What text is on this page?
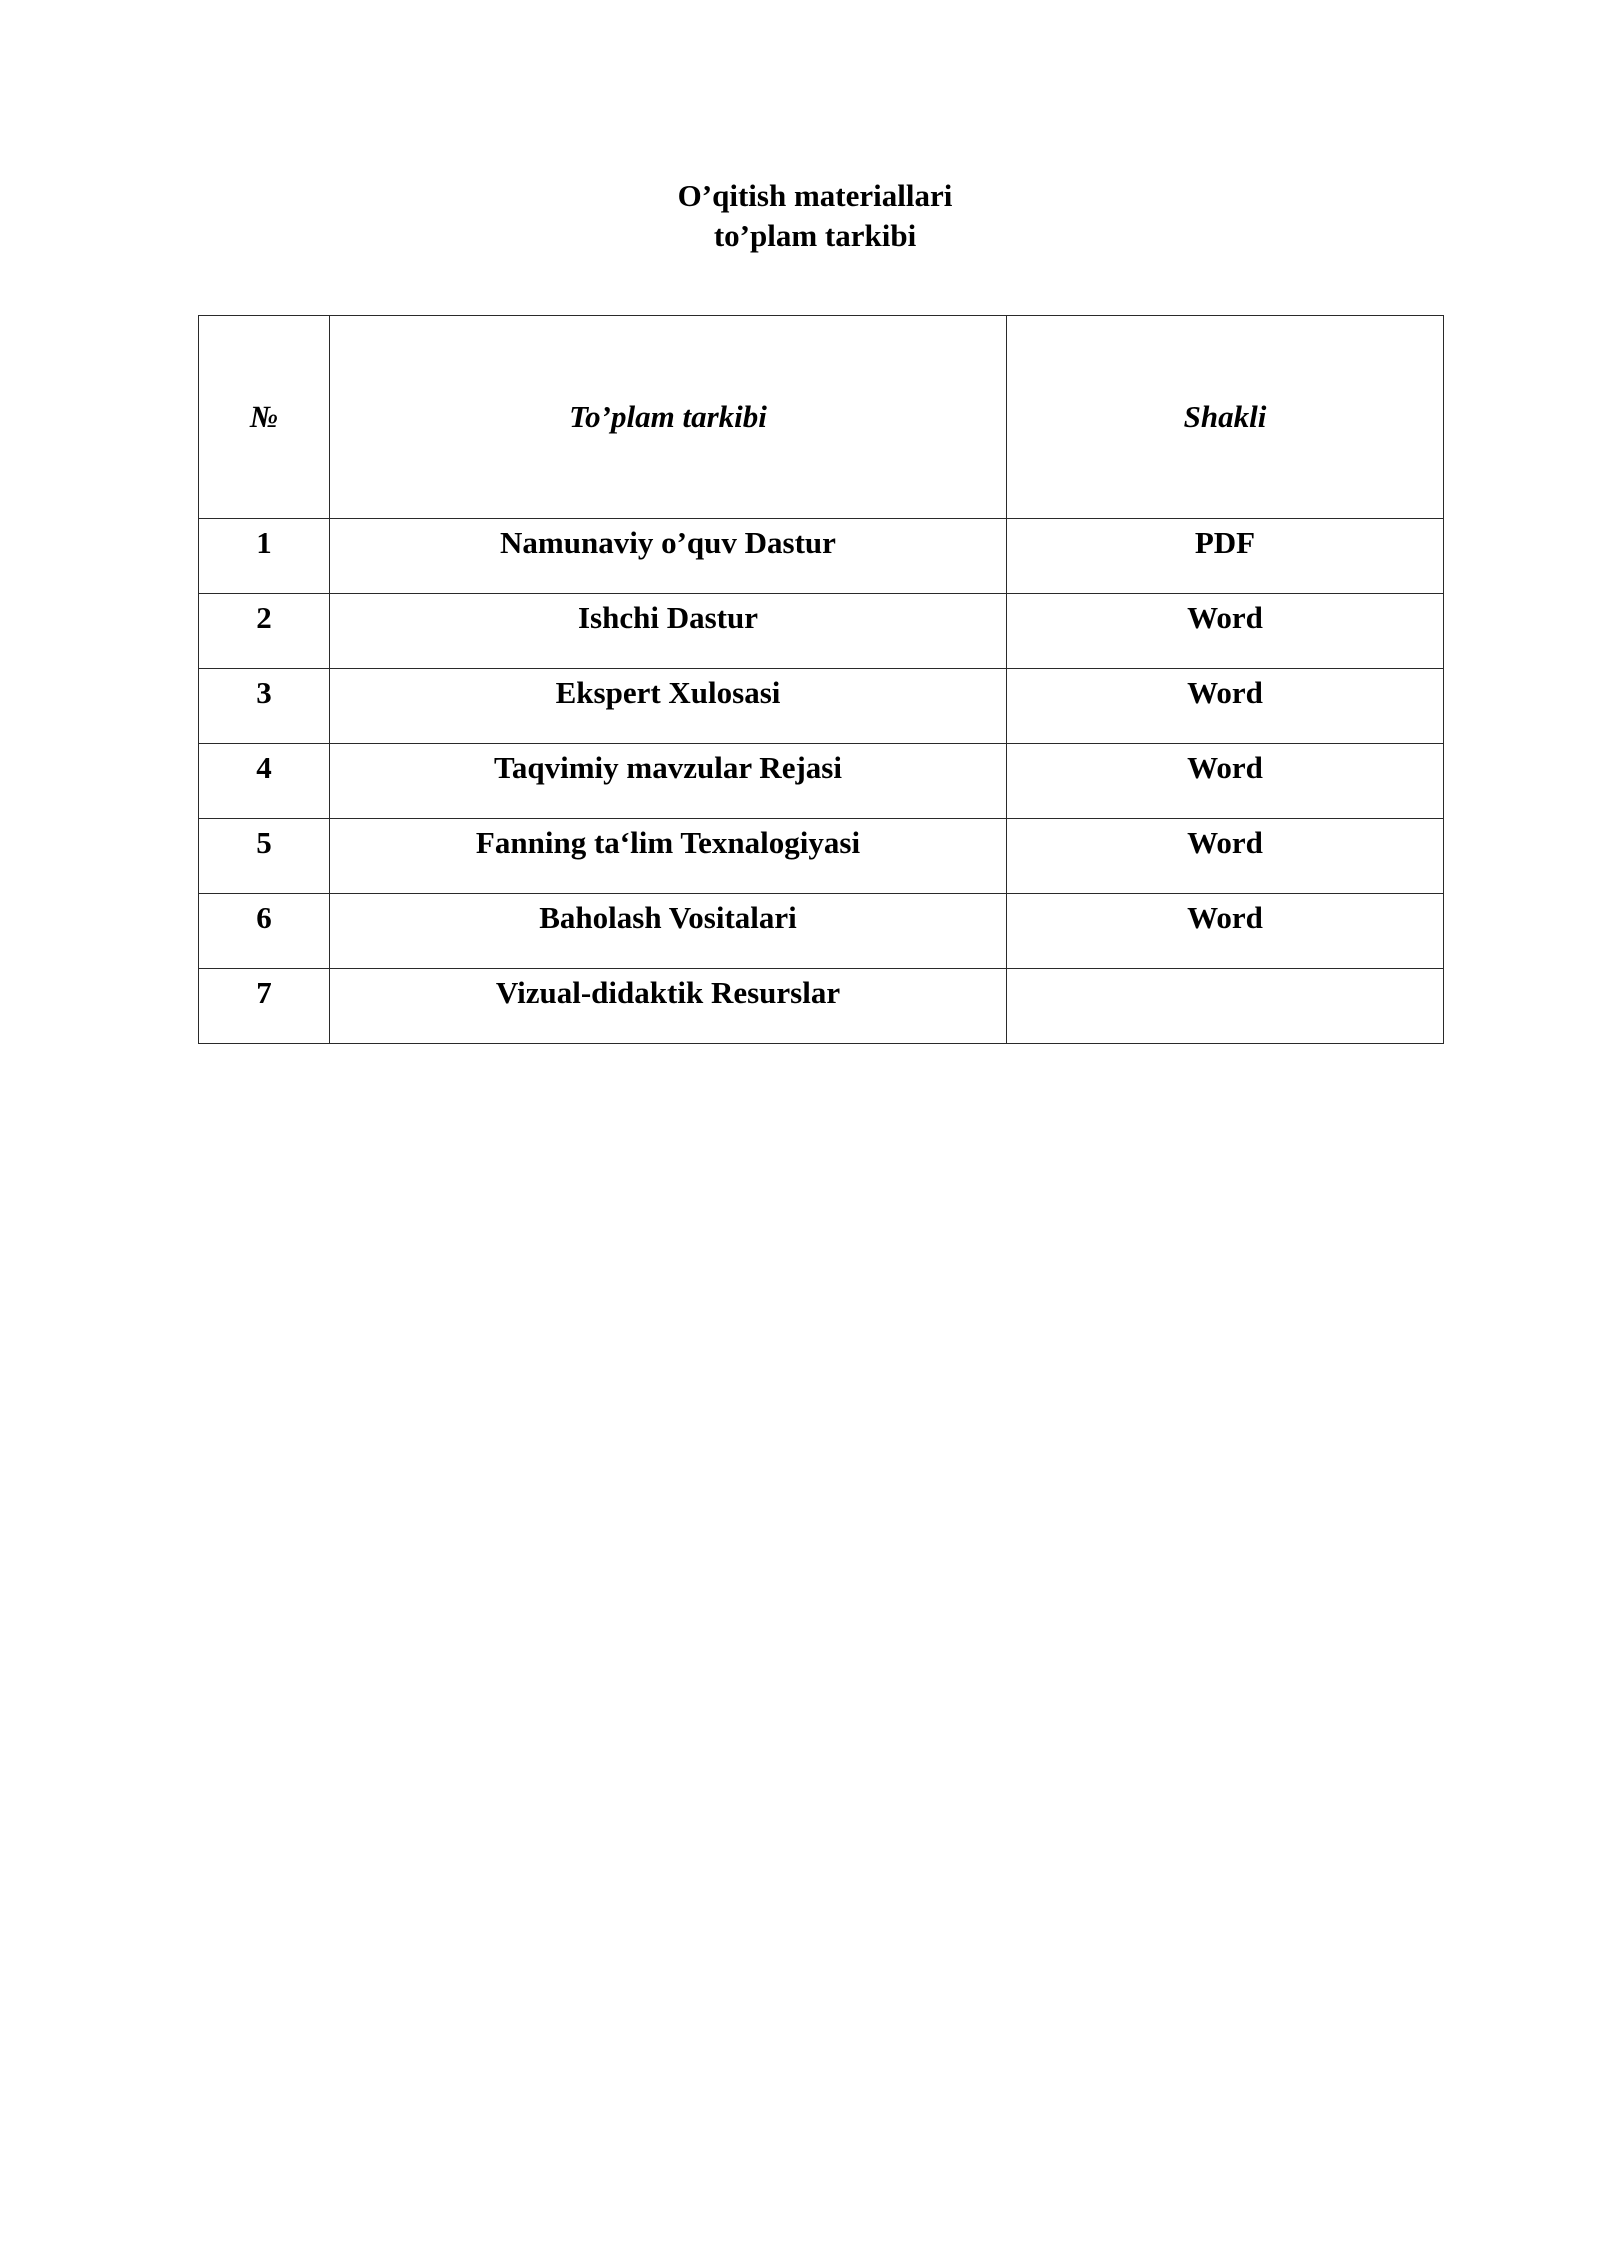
O’qitish materiallari
to’plam tarkibi
№	To’plam tarkibi	Shakli
1	Namunaviy o’quv Dastur	PDF
2	Ishchi Dastur	Word
3	Ekspert Xulosasi	Word
4	Taqvimiy mavzular Rejasi	Word
5	Fanning ta‘lim Texnalogiyasi	Word
6	Baholash Vositalari	Word
7	Vizual-didaktik Resurslar	
